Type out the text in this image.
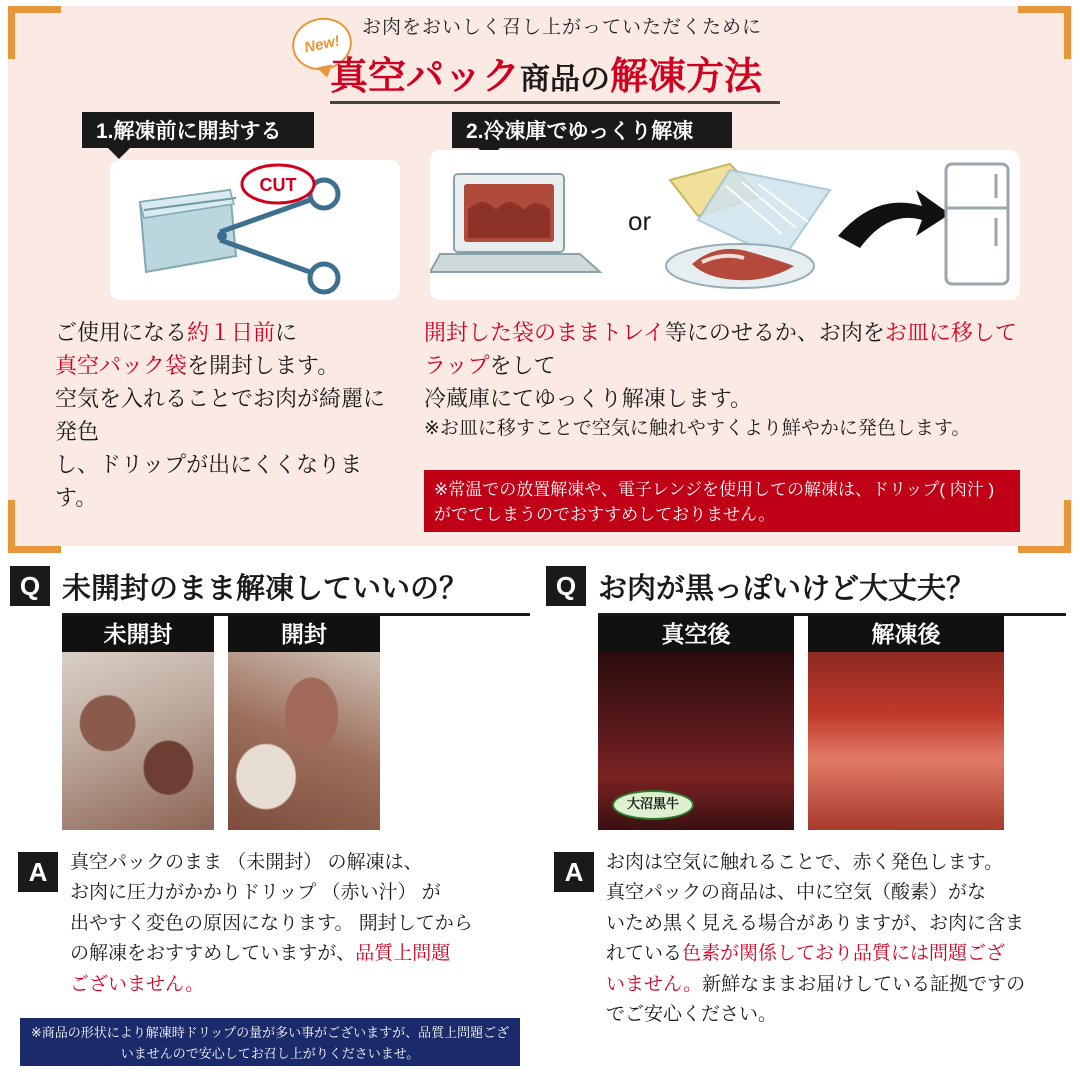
New!
お肉をおいしく召し上がっていただくために
真空パック商品の解凍方法
1.解凍前に開封する
CUT
ご使用になる約１日前に
真空パック袋を開封します。
空気を入れることでお肉が綺麗に発色
し、ドリップが出にくくなります。
2.冷凍庫でゆっくり解凍
or
開封した袋のままトレイ等にのせるか、お肉をお皿に移してラップをして
冷蔵庫にてゆっくり解凍します。
※お皿に移すことで空気に触れやすくより鮮やかに発色します。
※常温での放置解凍や、電子レンジを使用しての解凍は、ドリップ( 肉汁 ) がでてしまうのでおすすめしておりません。
Q 未開封のまま解凍していいの？
未開封	開封
A	真空パックのまま （未開封） の解凍は、
お肉に圧力がかかりドリップ （赤い汁） が
出やすく変色の原因になります。 開封してから
の解凍をおすすめしていますが、品質上問題
ございません。
※商品の形状により解凍時ドリップの量が多い事がございますが、品質上問題ございませんので安心してお召し上がりくださいませ。
Q お肉が黒っぽいけど大丈夫？
真空後
大沼黒牛
解凍後
A	お肉は空気に触れることで、赤く発色します。
真空パックの商品は、中に空気（酸素）がな
いため黒く見える場合がありますが、お肉に含ま
れている色素が関係しており品質には問題ござ
いません。新鮮なままお届けしている証拠ですの
でご安心ください。
